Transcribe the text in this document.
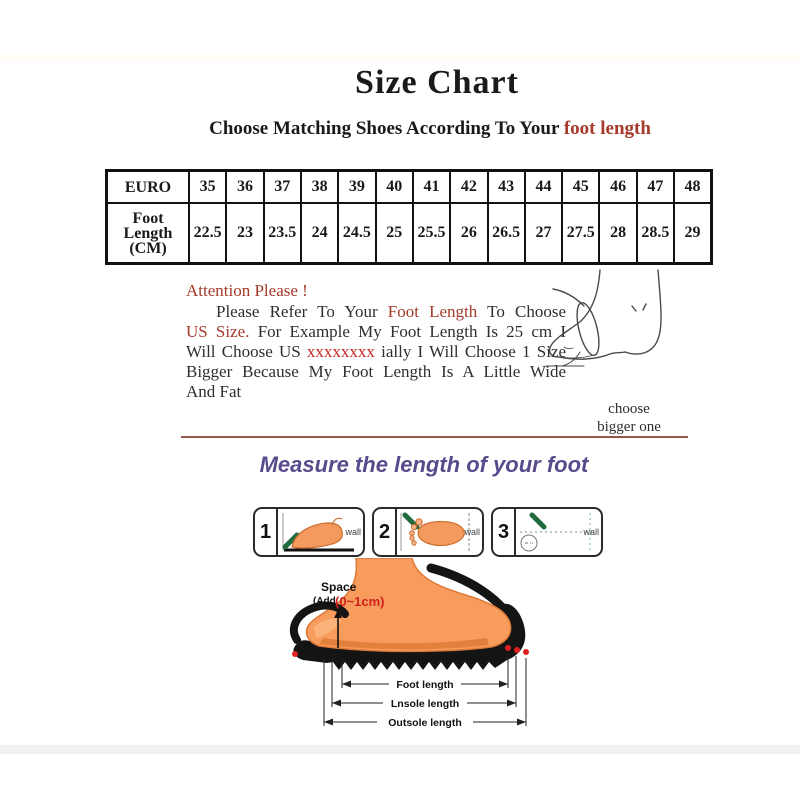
Size Chart
Choose Matching Shoes According To Your foot length
EURO	35	36	37	38	39	40	41	42	43	44	45	46	47	48
Foot Length (CM)	22.5	23	23.5	24	24.5	25	25.5	26	26.5	27	27.5	28	28.5	29
Attention Please !
Please Refer To Your Foot Length To Choose
US Size. For Example My Foot Length Is 25 cm I
Will Choose US xxxxxxxx ially I Will Choose 1 Size
Bigger Because My Foot Length Is A Little Wide
And Fat
choose
bigger one
Measure the length of your foot
1	wall 2	wall 3	wall
Space
(Add (0~1cm)
Foot length
Lnsole length
Outsole length
